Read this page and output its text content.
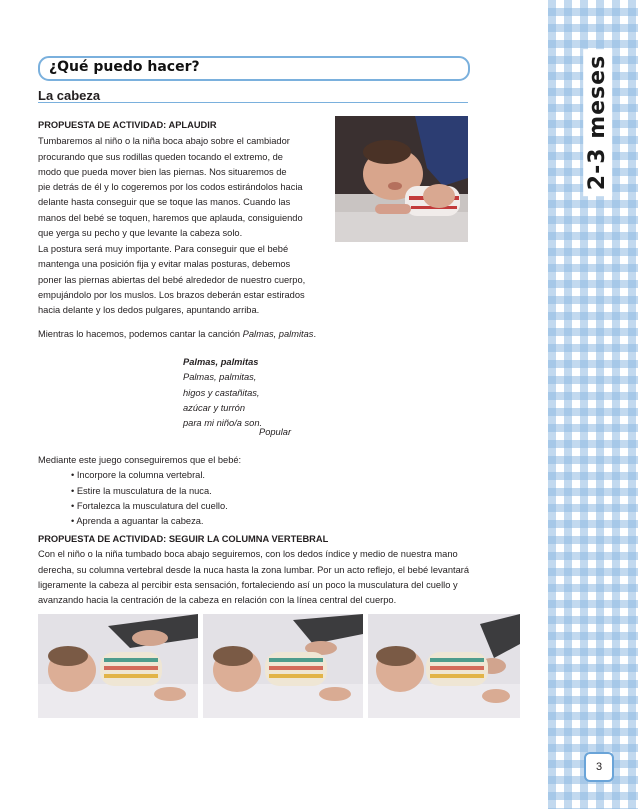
2-3 meses
3
¿Qué puedo hacer?
La cabeza
PROPUESTA DE ACTIVIDAD: APLAUDIR
Tumbaremos al niño o la niña boca abajo sobre el cambiador
procurando que sus rodillas queden tocando el extremo, de
modo que pueda mover bien las piernas. Nos situaremos de
pie detrás de él y lo cogeremos por los codos estirándolos hacia
delante hasta conseguir que se toque las manos. Cuando las
manos del bebé se toquen, haremos que aplauda, consiguiendo
que yerga su pecho y que levante la cabeza solo.
La postura será muy importante. Para conseguir que el bebé
mantenga una posición fija y evitar malas posturas, debemos
poner las piernas abiertas del bebé alrededor de nuestro cuerpo,
empujándolo por los muslos. Los brazos deberán estar estirados
hacia delante y los dedos pulgares, apuntando arriba.
Mientras lo hacemos, podemos cantar la canción Palmas, palmitas.
Palmas, palmitas
Palmas, palmitas,
higos y castañitas,
azúcar y turrón
para mi niño/a son.
Popular
Mediante este juego conseguiremos que el bebé:
• Incorpore la columna vertebral.
• Estire la musculatura de la nuca.
• Fortalezca la musculatura del cuello.
• Aprenda a aguantar la cabeza.
PROPUESTA DE ACTIVIDAD: SEGUIR LA COLUMNA VERTEBRAL
Con el niño o la niña tumbado boca abajo seguiremos, con los dedos índice y medio de nuestra mano
derecha, su columna vertebral desde la nuca hasta la zona lumbar. Por un acto reflejo, el bebé levantará
ligeramente la cabeza al percibir esta sensación, fortaleciendo así un poco la musculatura del cuello y
avanzando hacia la centración de la cabeza en relación con la línea central del cuerpo.
